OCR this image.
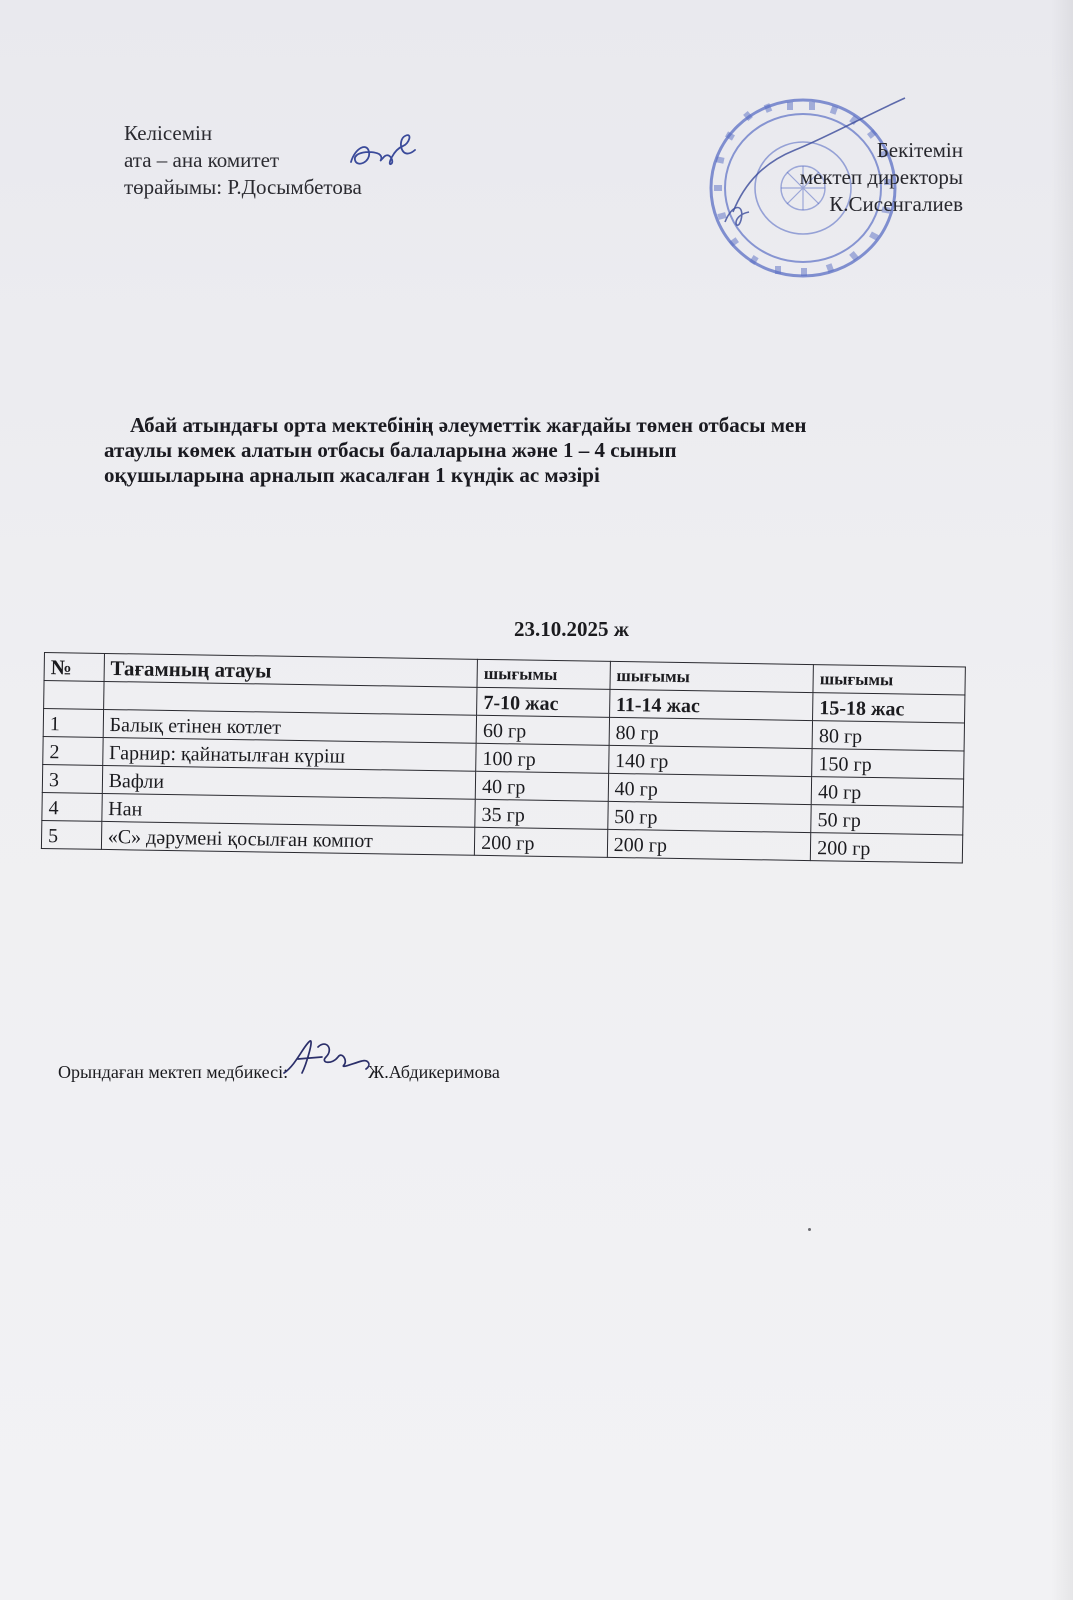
Келісемін
ата – ана комитет
төрайымы: Р.Досымбетова
Бекітемін
мектеп директоры
К.Сисенгалиев
Абай атындағы орта мектебінің әлеуметтік жағдайы төмен отбасы мен
атаулы көмек алатын отбасы балаларына және 1 – 4 сынып
оқушыларына арналып жасалған 1 күндік ас мәзірі
23.10.2025 ж
№	Тағамның атауы	шығымы	шығымы	шығымы
		7-10 жас	11-14 жас	15-18 жас
1	Балық етінен котлет	60 гр	80 гр	80 гр
2	Гарнир: қайнатылған күріш	100 гр	140 гр	150 гр
3	Вафли	40 гр	40 гр	40 гр
4	Нан	35 гр	50 гр	50 гр
5	«С» дәрумені қосылған компот	200 гр	200 гр	200 гр
Орындаған мектеп медбикесі:	Ж.Абдикеримова
